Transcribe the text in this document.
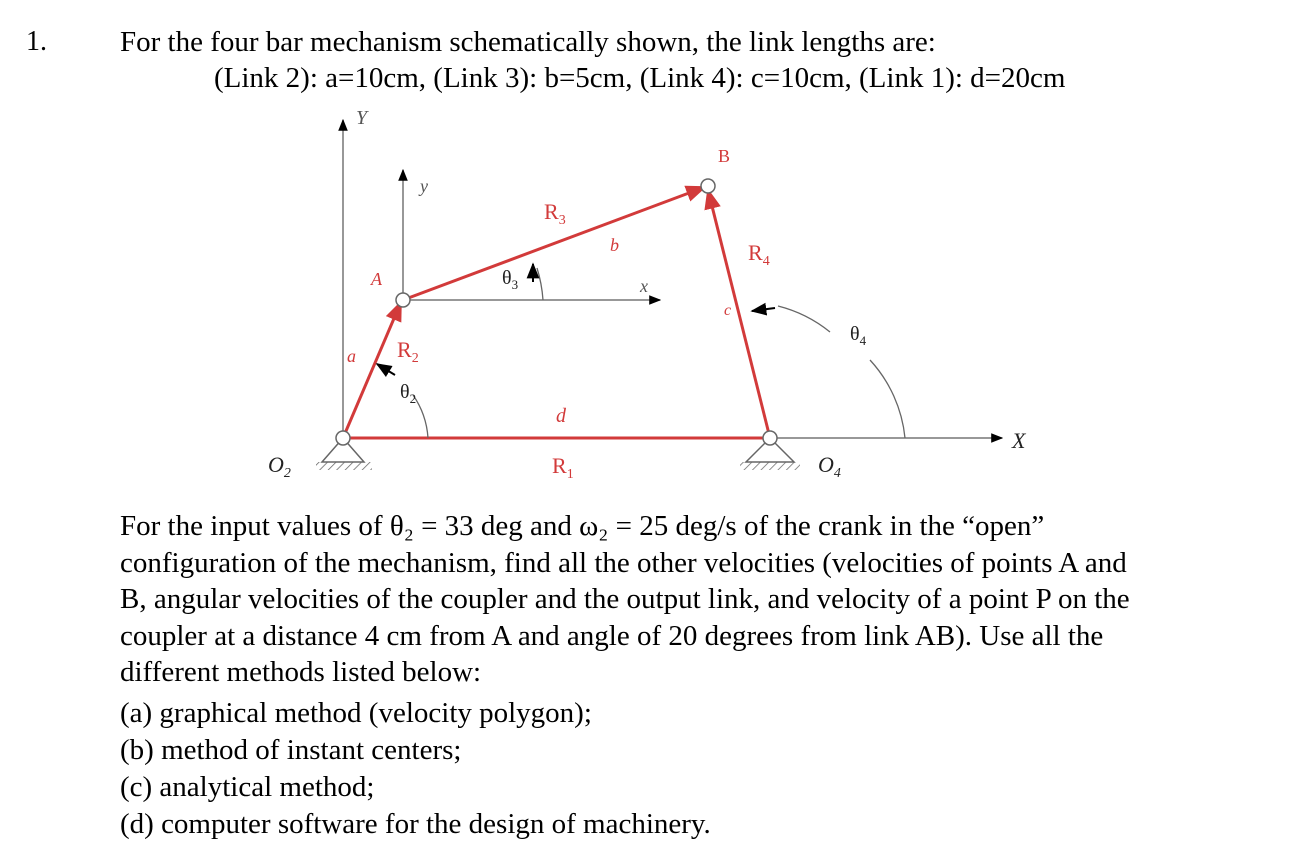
1.	For the four bar mechanism schematically shown, the link lengths are:
(Link 2): a=10cm, (Link 3): b=5cm, (Link 4): c=10cm, (Link 1): d=20cm
Y
y
x
X
A
B
a
b
c
d
$R_1$
$R_2$
$R_3$
$R_4$
$\theta_2$
$\theta_3$
$\theta_4$
$O_2$	$O_4$
For the input values of θ₂ = 33 deg and ω₂ = 25 deg/s of the crank in the “open”
configuration of the mechanism, find all the other velocities (velocities of points A and
B, angular velocities of the coupler and the output link, and velocity of a point P on the
coupler at a distance 4 cm from A and angle of 20 degrees from link AB). Use all the
different methods listed below:
(a) graphical method (velocity polygon);
(b) method of instant centers;
(c) analytical method;
(d) computer software for the design of machinery.
